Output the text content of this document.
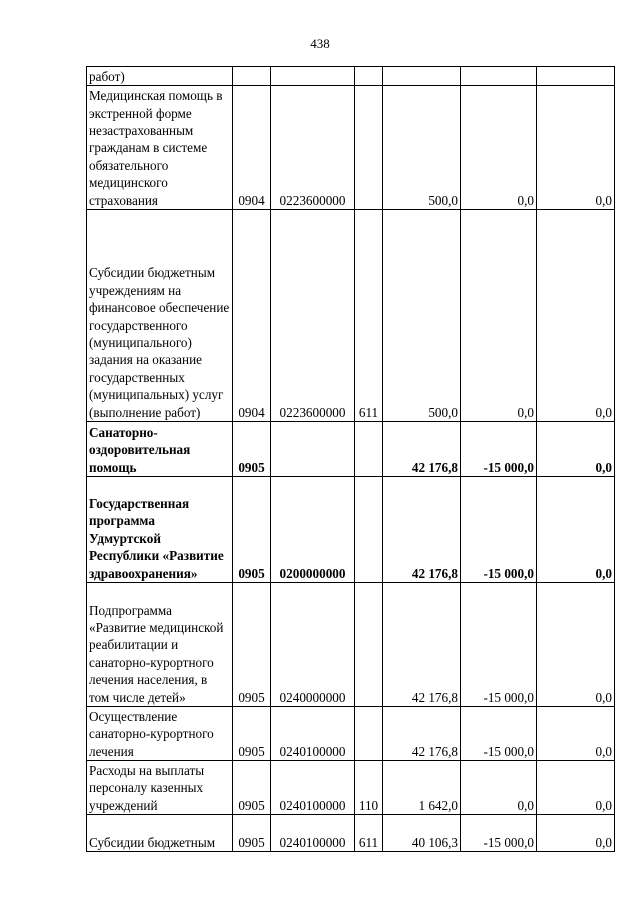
438
работ)						
Медицинская помощь в экстренной форме незастрахованным гражданам в системе обязательного медицинского страхования	0904	0223600000		500,0	0,0	0,0
Субсидии бюджетным учреждениям на финансовое обеспечение государственного (муниципального) задания на оказание государственных (муниципальных) услуг (выполнение работ)	0904	0223600000	611	500,0	0,0	0,0
Санаторно-оздоровительная помощь	0905			42 176,8	-15 000,0	0,0
Государственная программа Удмуртской Республики «Развитие здравоохранения»	0905	0200000000		42 176,8	-15 000,0	0,0
Подпрограмма «Развитие медицинской реабилитации и санаторно-курортного лечения населения, в том числе детей»	0905	0240000000		42 176,8	-15 000,0	0,0
Осуществление санаторно-курортного лечения	0905	0240100000		42 176,8	-15 000,0	0,0
Расходы на выплаты персоналу казенных учреждений	0905	0240100000	110	1 642,0	0,0	0,0
Субсидии бюджетным	0905	0240100000	611	40 106,3	-15 000,0	0,0
